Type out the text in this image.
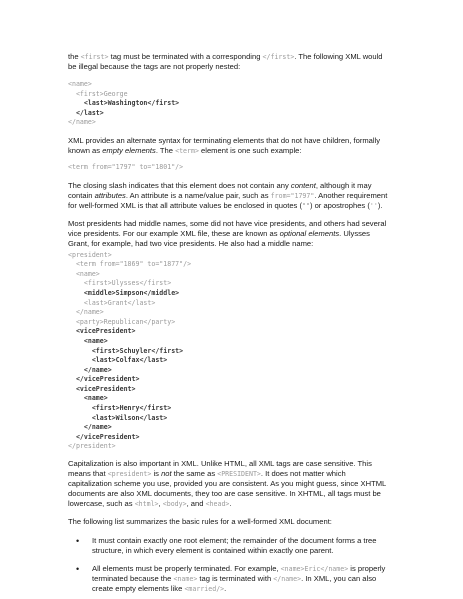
the <first> tag must be terminated with a corresponding </first>. The following XML would be illegal because the tags are not properly nested:

<name>
<first>George
<last>Washington</first>
</last>
</name>

XML provides an alternate syntax for terminating elements that do not have children, formally known as empty elements. The <term> element is one such example:

<term from="1797" to="1801"/>

The closing slash indicates that this element does not contain any content, although it may contain attributes. An attribute is a name/value pair, such as from="1797". Another requirement for well-formed XML is that all attribute values be enclosed in quotes ("") or apostrophes ('').

Most presidents had middle names, some did not have vice presidents, and others had several vice presidents. For our example XML file, these are known as optional elements. Ulysses Grant, for example, had two vice presidents. He also had a middle name:

<president>
<term from="1869" to="1877"/>
<name>
<first>Ulysses</first>
<middle>Simpson</middle>
<last>Grant</last>
</name>
<party>Republican</party>
<vicePresident>
<name>
<first>Schuyler</first>
<last>Colfax</last>
</name>
</vicePresident>
<vicePresident>
<name>
<first>Henry</first>
<last>Wilson</last>
</name>
</vicePresident>
</president>

Capitalization is also important in XML. Unlike HTML, all XML tags are case sensitive. This means that <president> is not the same as <PRESIDENT>. It does not matter which capitalization scheme you use, provided you are consistent. As you might guess, since XHTML documents are also XML documents, they too are case sensitive. In XHTML, all tags must be lowercase, such as <html>, <body>, and <head>.

The following list summarizes the basic rules for a well-formed XML document:

• It must contain exactly one root element; the remainder of the document forms a tree structure, in which every element is contained within exactly one parent.
• All elements must be properly terminated. For example, <name>Eric</name> is properly terminated because the <name> tag is terminated with </name>. In XML, you can also create empty elements like <married/>.
